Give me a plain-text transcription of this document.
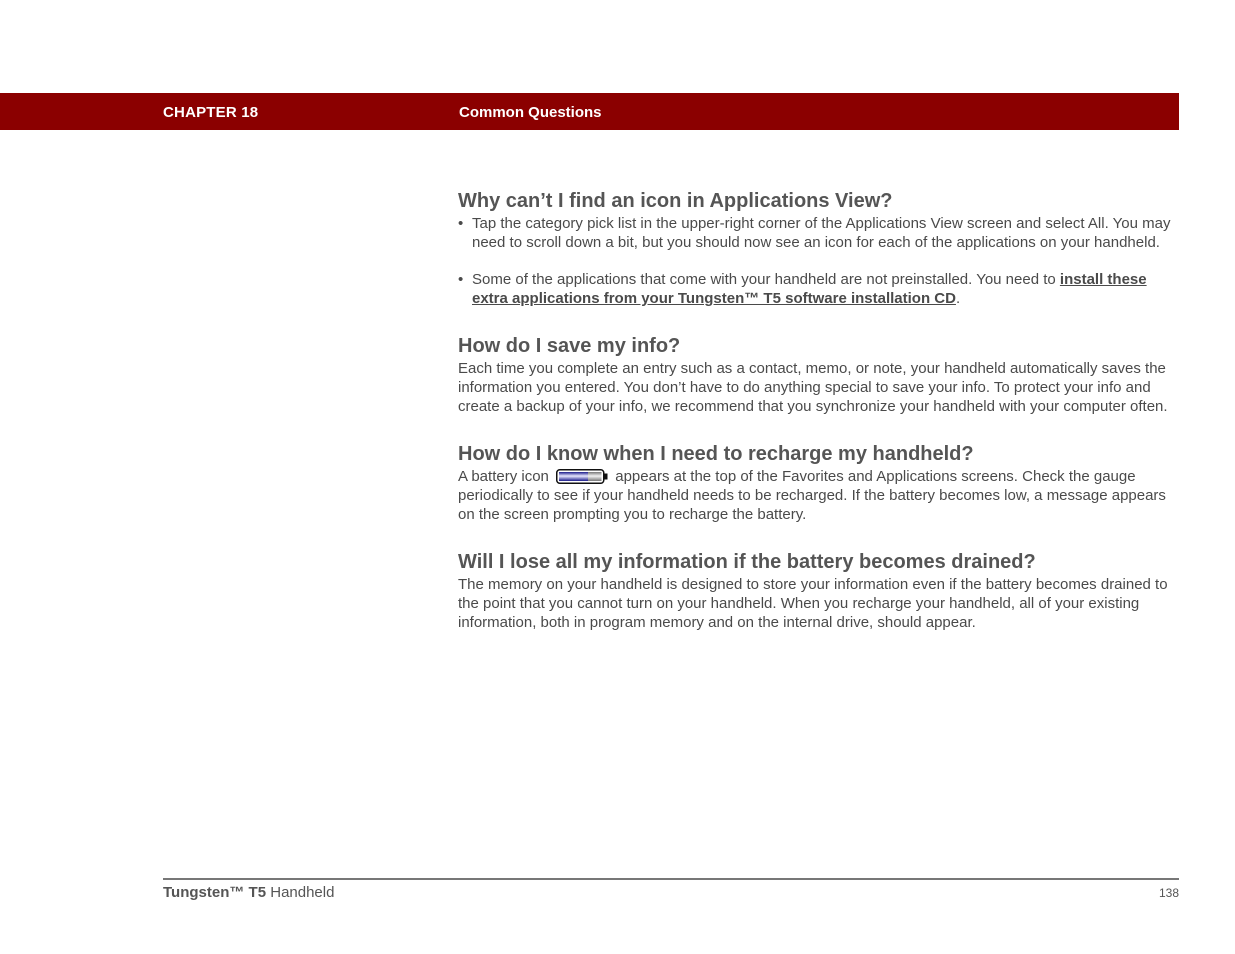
CHAPTER 18	Common Questions
Why can’t I find an icon in Applications View?
• Tap the category pick list in the upper-right corner of the Applications View screen and select All. You may need to scroll down a bit, but you should now see an icon for each of the applications on your handheld.
• Some of the applications that come with your handheld are not preinstalled. You need to install these extra applications from your Tungsten™ T5 software installation CD.
How do I save my info?

Each time you complete an entry such as a contact, memo, or note, your handheld automatically saves the information you entered. You don’t have to do anything special to save your info. To protect your info and create a backup of your info, we recommend that you synchronize your handheld with your computer often.

How do I know when I need to recharge my handheld?

A battery icon	appears at the top of the Favorites and Applications screens. Check the gauge periodically to see if your handheld needs to be recharged. If the battery becomes low, a message appears on the screen prompting you to recharge the battery.

Will I lose all my information if the battery becomes drained?

The memory on your handheld is designed to store your information even if the battery becomes drained to the point that you cannot turn on your handheld. When you recharge your handheld, all of your existing information, both in program memory and on the internal drive, should appear.

Tungsten™ T5 Handheld	138
